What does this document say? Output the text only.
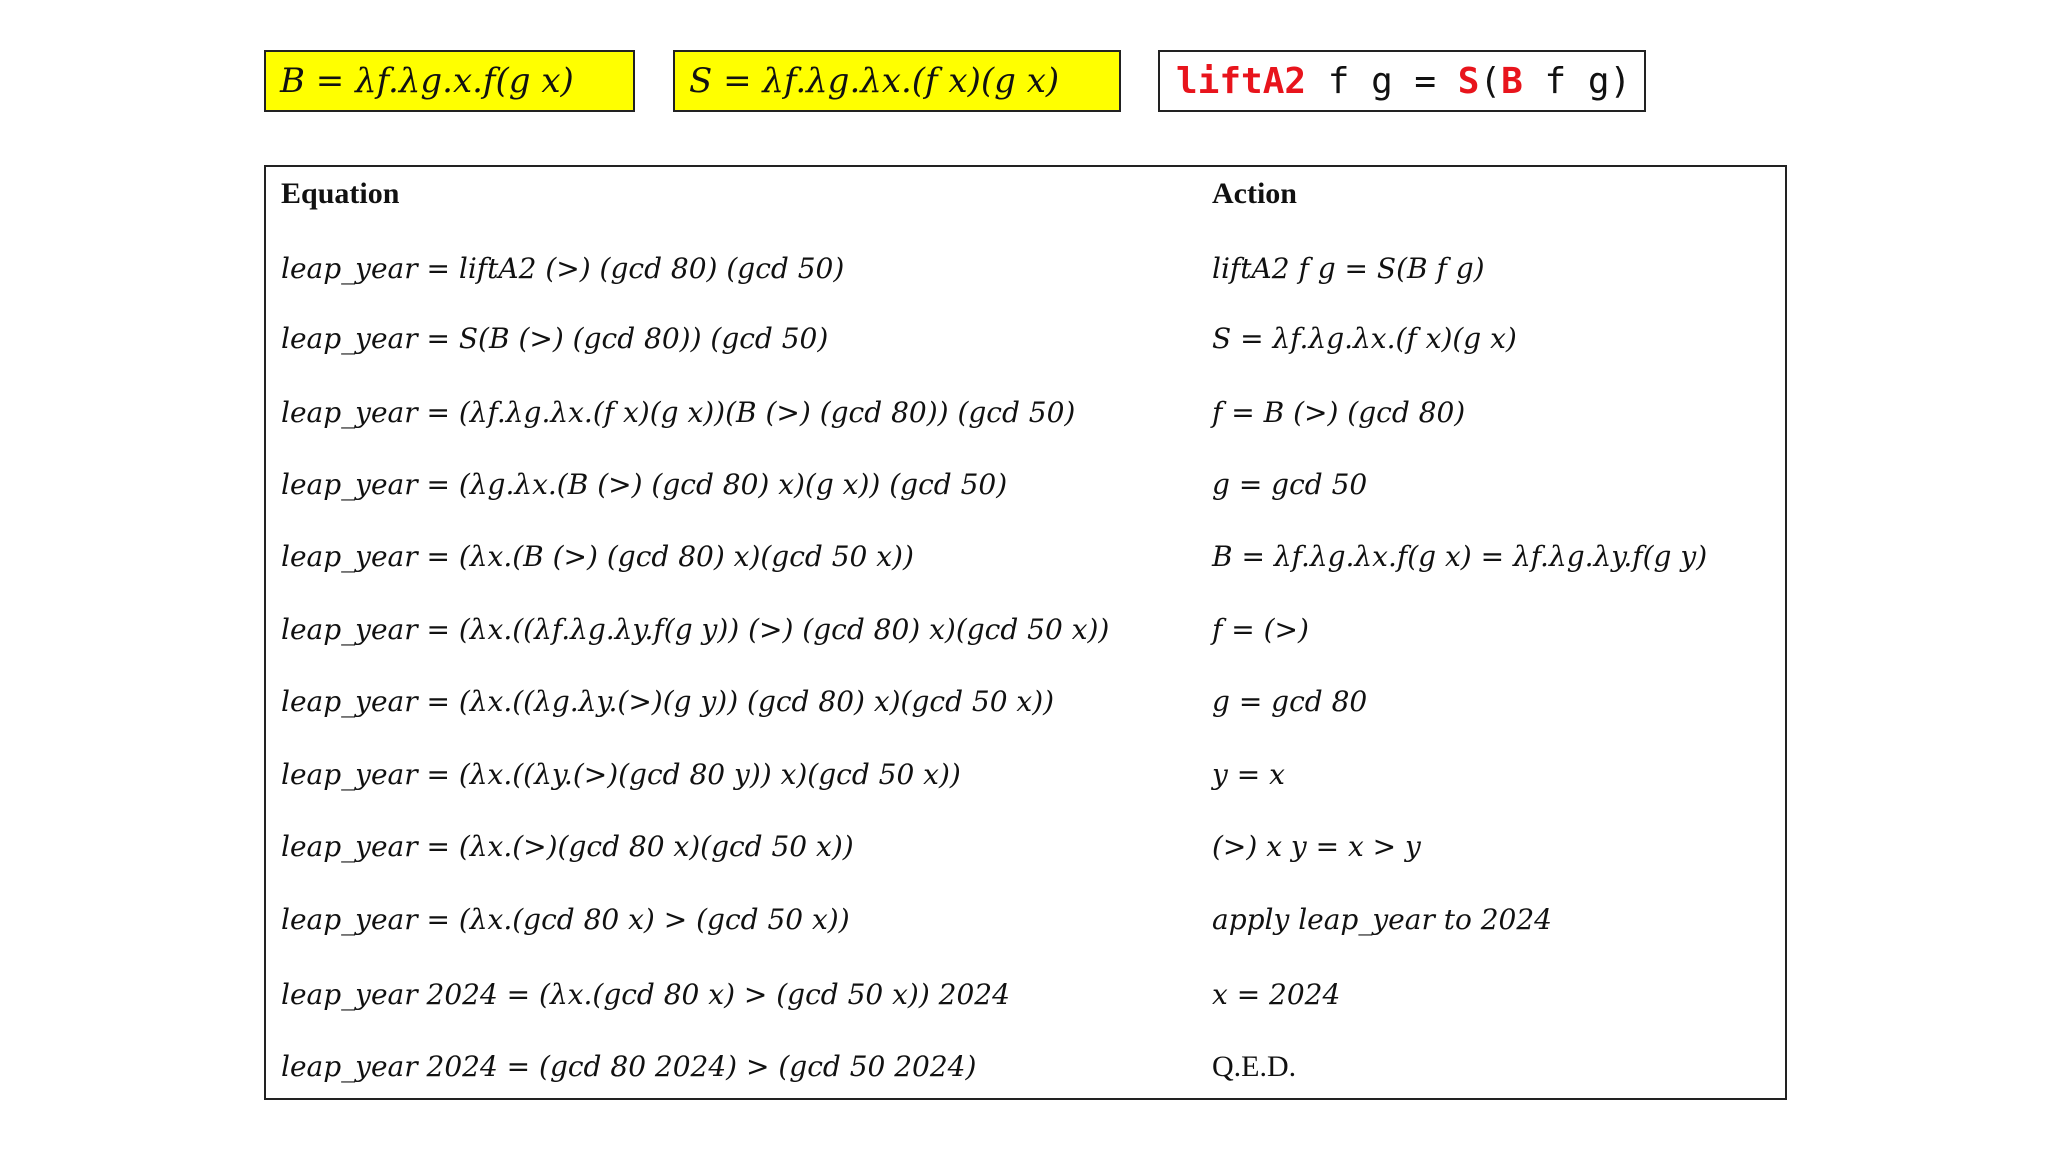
B = λf.λg.x.f(g x)	S = λf.λg.λx.(f x)(g x)	liftA2 f g = S ( B f g)
Equation	Action
leap_year = liftA2 (>) (gcd 80) (gcd 50)	liftA2 f g = S(B f g)
leap_year = S(B (>) (gcd 80)) (gcd 50)	S = λf.λg.λx.(f x)(g x)
leap_year = (λf.λg.λx.(f x)(g x))(B (>) (gcd 80)) (gcd 50)	f = B (>) (gcd 80)
leap_year = (λg.λx.(B (>) (gcd 80) x)(g x)) (gcd 50)	g = gcd 50
leap_year = (λx.(B (>) (gcd 80) x)(gcd 50 x))	B = λf.λg.λx.f(g x) = λf.λg.λy.f(g y)
leap_year = (λx.((λf.λg.λy.f(g y)) (>) (gcd 80) x)(gcd 50 x))	f = (>)
leap_year = (λx.((λg.λy.(>)(g y)) (gcd 80) x)(gcd 50 x))	g = gcd 80
leap_year = (λx.((λy.(>)(gcd 80 y)) x)(gcd 50 x))	y = x
leap_year = (λx.(>)(gcd 80 x)(gcd 50 x))	(>) x y = x > y
leap_year = (λx.(gcd 80 x) > (gcd 50 x))	apply leap_year to 2024
leap_year 2024 = (λx.(gcd 80 x) > (gcd 50 x)) 2024	x = 2024
leap_year 2024 = (gcd 80 2024) > (gcd 50 2024)	Q.E.D.
